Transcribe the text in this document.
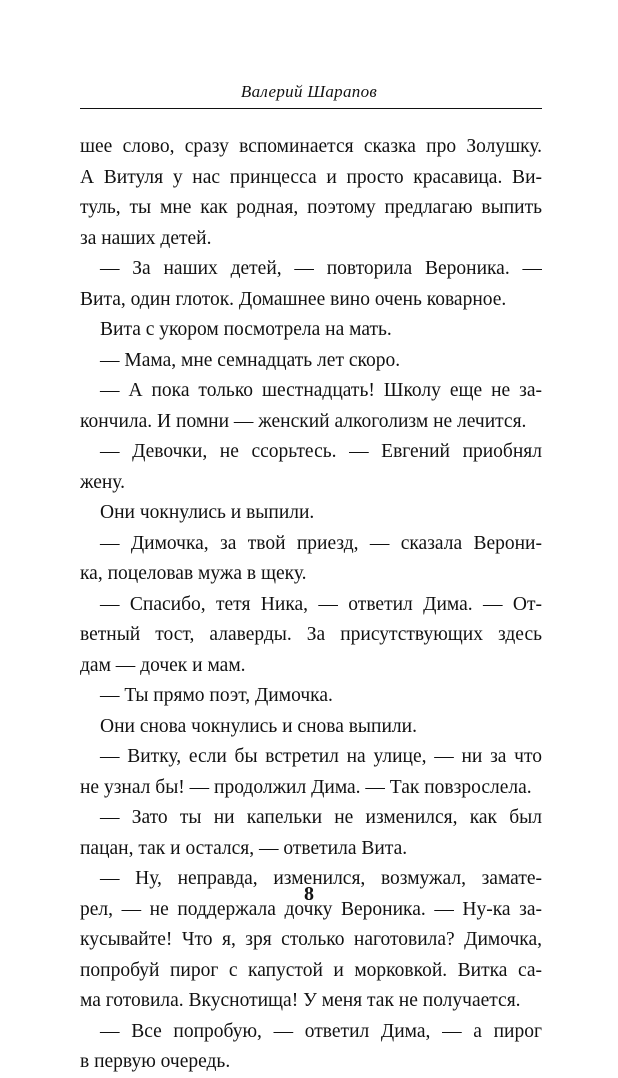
Валерий Шарапов
шее слово, сразу вспоминается сказка про Золушку.
А Витуля у нас принцесса и просто красавица. Ви-
туль, ты мне как родная, поэтому предлагаю выпить
за наших детей.
— За наших детей, — повторила Вероника. —
Вита, один глоток. Домашнее вино очень коварное.
Вита с укором посмотрела на мать.
— Мама, мне семнадцать лет скоро.
— А пока только шестнадцать! Школу еще не за-
кончила. И помни — женский алкоголизм не лечится.
— Девочки, не ссорьтесь. — Евгений приобнял
жену.
Они чокнулись и выпили.
— Димочка, за твой приезд, — сказала Верони-
ка, поцеловав мужа в щеку.
— Спасибо, тетя Ника, — ответил Дима. — От-
ветный тост, алаверды. За присутствующих здесь
дам — дочек и мам.
— Ты прямо поэт, Димочка.
Они снова чокнулись и снова выпили.
— Витку, если бы встретил на улице, — ни за что
не узнал бы! — продолжил Дима. — Так повзрослела.
— Зато ты ни капельки не изменился, как был
пацан, так и остался, — ответила Вита.
— Ну, неправда, изменился, возмужал, замате-
рел, — не поддержала дочку Вероника. — Ну-ка за-
кусывайте! Что я, зря столько наготовила? Димочка,
попробуй пирог с капустой и морковкой. Витка са-
ма готовила. Вкуснотища! У меня так не получается.
— Все попробую, — ответил Дима, — а пирог
в первую очередь.
8
